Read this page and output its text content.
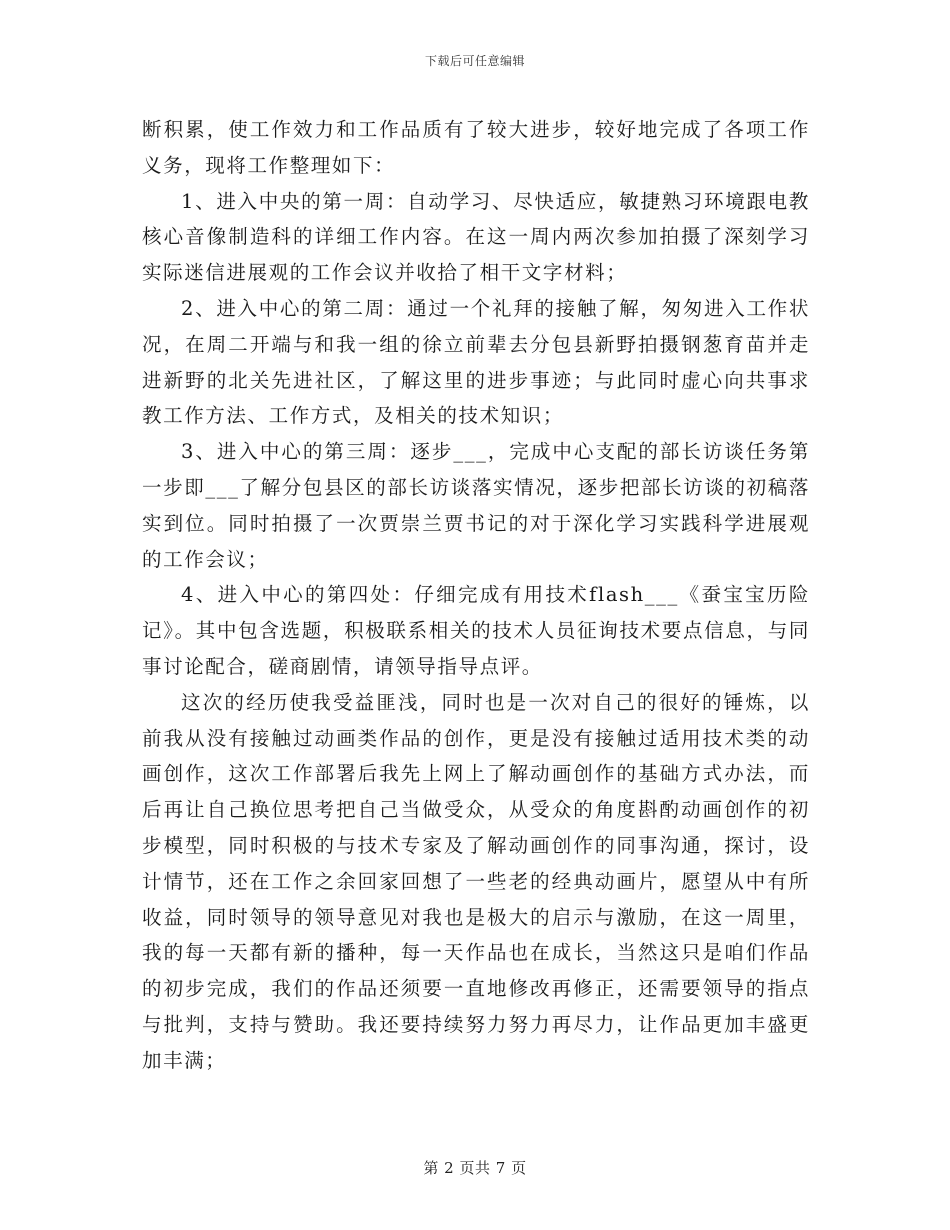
下载后可任意编辑

断积累，使工作效力和工作品质有了较大进步，较好地完成了各项工作义务，现将工作整理如下：

1、进入中央的第一周：自动学习、尽快适应，敏捷熟习环境跟电教核心音像制造科的详细工作内容。在这一周内两次参加拍摄了深刻学习实际迷信进展观的工作会议并收拾了相干文字材料；

2、进入中心的第二周：通过一个礼拜的接触了解，匆匆进入工作状况，在周二开端与和我一组的徐立前辈去分包县新野拍摄钢葱育苗并走进新野的北关先进社区，了解这里的进步事迹；与此同时虚心向共事求教工作方法、工作方式，及相关的技术知识；

3、进入中心的第三周：逐步___，完成中心支配的部长访谈任务第一步即___了解分包县区的部长访谈落实情况，逐步把部长访谈的初稿落实到位。同时拍摄了一次贾崇兰贾书记的对于深化学习实践科学进展观的工作会议；

4、进入中心的第四处：仔细完成有用技术flash___《蚕宝宝历险记》。其中包含选题，积极联系相关的技术人员征询技术要点信息，与同事讨论配合，磋商剧情，请领导指导点评。

这次的经历使我受益匪浅，同时也是一次对自己的很好的锤炼，以前我从没有接触过动画类作品的创作，更是没有接触过适用技术类的动画创作，这次工作部署后我先上网上了解动画创作的基础方式办法，而后再让自己换位思考把自己当做受众，从受众的角度斟酌动画创作的初步模型，同时积极的与技术专家及了解动画创作的同事沟通，探讨，设计情节，还在工作之余回家回想了一些老的经典动画片，愿望从中有所收益，同时领导的领导意见对我也是极大的启示与激励，在这一周里，我的每一天都有新的播种，每一天作品也在成长，当然这只是咱们作品的初步完成，我们的作品还须要一直地修改再修正，还需要领导的指点与批判，支持与赞助。我还要持续努力努力再尽力，让作品更加丰盛更加丰满；

第 2 页共 7 页
